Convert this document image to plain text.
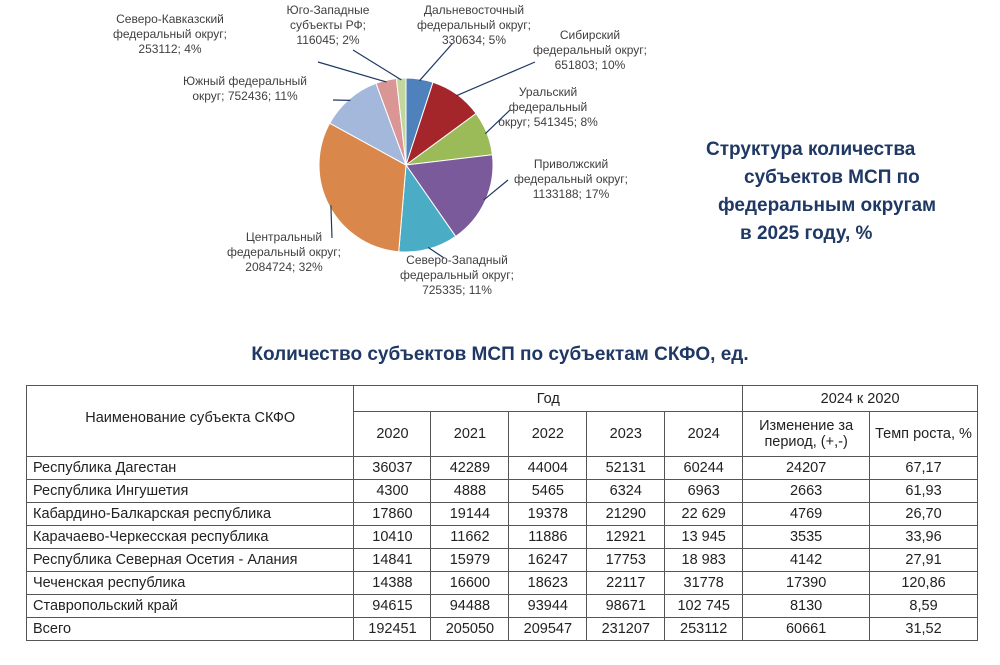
Дальневосточный федеральный округ; 330634; 5%	Сибирский федеральный округ; 651803; 10%
Уральский федеральный округ; 541345; 8%
Приволжский федеральный округ; 1133188; 17%
Северо-Западный федеральный округ; 725335; 11%
Центральный федеральный округ; 2084724; 32%
Южный федеральный округ; 752436; 11%
Северо-Кавказский федеральный округ; 253112; 4%
Юго-Западные субъекты РФ; 116045; 2%
Структура количества
субъектов МСП по
федеральным округам
в 2025 году, %
Количество субъектов МСП по субъектам СКФО, ед.
Наименование субъекта СКФО	Год					2024 к 2020	
	2020	2021	2022	2023	2024	Изменение за период, (+,-)	Темп роста, %
Республика Дагестан	36037	42289	44004	52131	60244	24207	67,17
Республика Ингушетия	4300	4888	5465	6324	6963	2663	61,93
Кабардино-Балкарская республика	17860	19144	19378	21290	22 629	4769	26,70
Карачаево-Черкесская республика	10410	11662	11886	12921	13 945	3535	33,96
Республика Северная Осетия - Алания	14841	15979	16247	17753	18 983	4142	27,91
Чеченская республика	14388	16600	18623	22117	31778	17390	120,86
Ставропольский край	94615	94488	93944	98671	102 745	8130	8,59
Всего	192451	205050	209547	231207	253112	60661	31,52
